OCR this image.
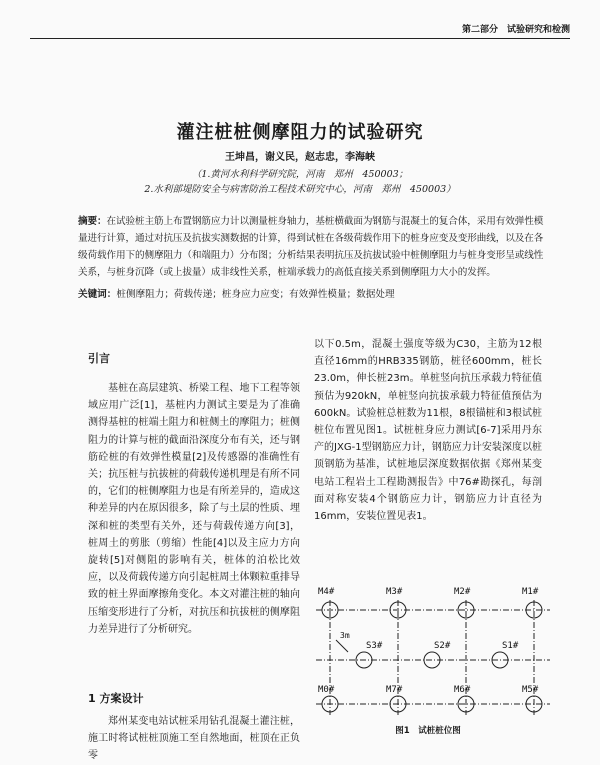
第二部分　试验研究和检测
灌注桩桩侧摩阻力的试验研究
王坤昌，谢义民，赵志忠，李海峡
（1.黄河水利科学研究院，河南　郑州　450003；
2.水利部堤防安全与病害防治工程技术研究中心，河南　郑州　450003）
摘要：在试验桩主筋上布置钢筋应力计以测量桩身轴力，基桩横截面为钢筋与混凝土的复合体，采用有效弹性模量进行计算，通过对抗压及抗拔实测数据的计算，得到试桩在各级荷载作用下的桩身应变及变形曲线，以及在各级荷载作用下的侧摩阻力（和端阻力）分布图；分析结果表明抗压及抗拔试验中桩侧摩阻力与桩身变形呈或线性关系，与桩身沉降（或上拔量）成非线性关系，桩端承载力的高低直接关系到侧摩阻力大小的发挥。
关键词：桩侧摩阻力；荷载传递；桩身应力应变；有效弹性模量；数据处理
引言
基桩在高层建筑、桥梁工程、地下工程等领域应用广泛[1]，基桩内力测试主要是为了准确测得基桩的桩端土阻力和桩侧土的摩阻力；桩侧阻力的计算与桩的截面沿深度分布有关，还与钢筋砼桩的有效弹性模量[2]及传感器的准确性有关；抗压桩与抗拔桩的荷载传递机理是有所不同的，它们的桩侧摩阻力也是有所差异的，造成这种差异的内在原因很多，除了与土层的性质、埋深和桩的类型有关外，还与荷载传递方向[3]，桩周土的剪胀（剪缩）性能[4]以及主应力方向旋转[5]对侧阻的影响有关，桩体的泊松比效应，以及荷载传递方向引起桩周土体颗粒重排导致的桩土界面摩擦角变化。本文对灌注桩的轴向压缩变形进行了分析，对抗压和抗拔桩的侧摩阻力差异进行了分析研究。
1 方案设计
郑州某变电站试桩采用钻孔混凝土灌注桩，施工时将试桩桩顶施工至自然地面，桩顶在正负零
以下0.5m，混凝土强度等级为C30，主筋为12根直径16mm的HRB335钢筋，桩径600mm，桩长23.0m，伸长桩23m。单桩竖向抗压承载力特征值预估为920kN，单桩竖向抗拔承载力特征值预估为600kN。试验桩总桩数为11根，8根锚桩和3根试桩桩位布置见图1。试桩桩身应力测试[6-7]采用丹东产的JXG-1型钢筋应力计，钢筋应力计安装深度以桩顶钢筋为基准，试桩地层深度数据依据《郑州某变电站工程岩土工程勘测报告》中76#勘探孔，每剖面对称安装4个钢筋应力计，钢筋应力计直径为16mm，安装位置见表1。
M4#	M3#	M2#	M1#
S3#	S2#	S1#
M0#	M7#	M6#	M5#
3m
图1　试桩桩位图
